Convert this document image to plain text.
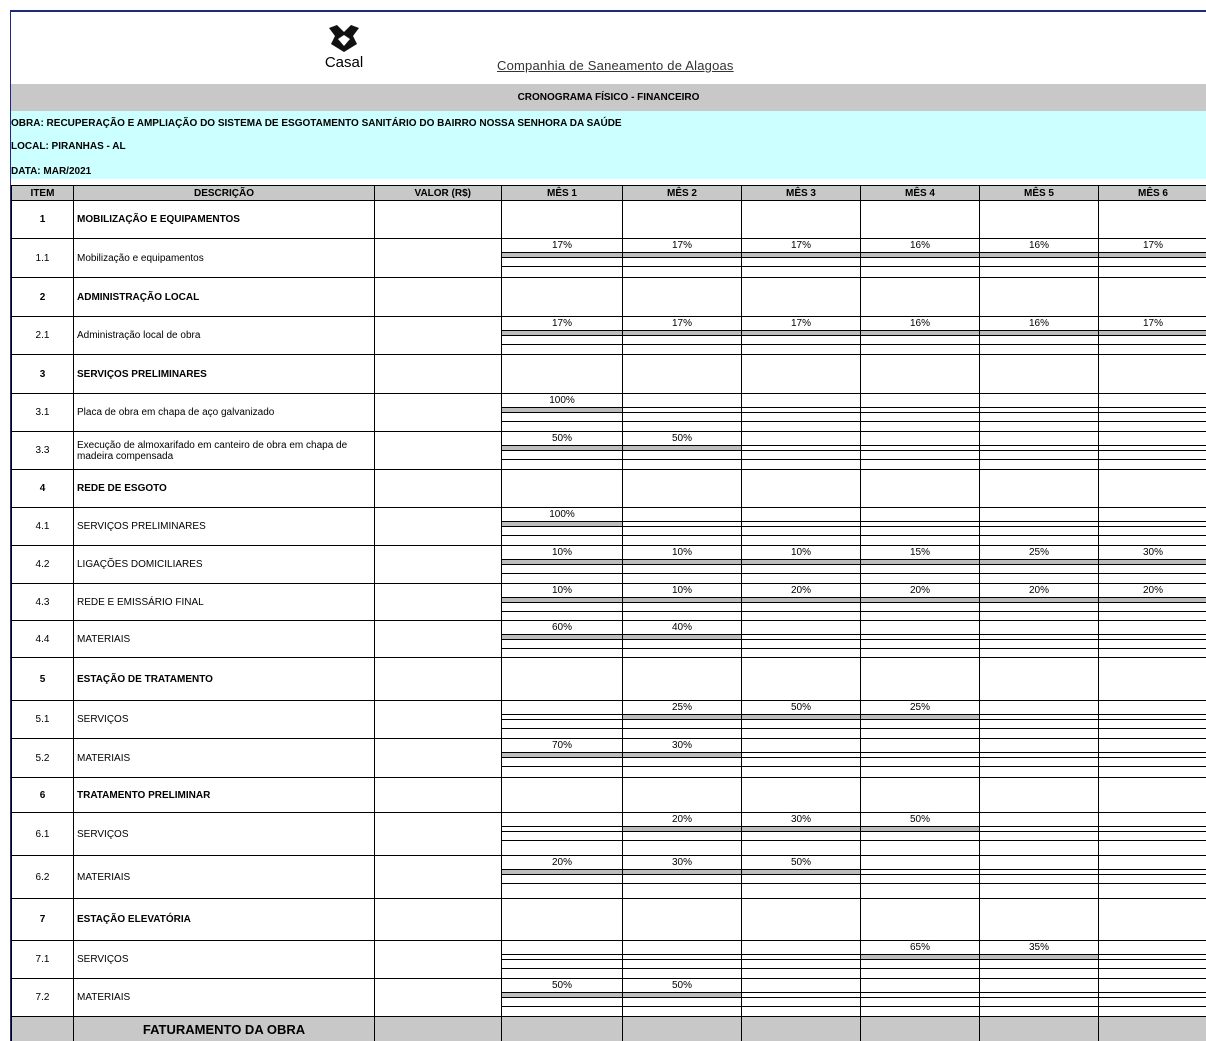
Casal	Companhia de Saneamento de Alagoas
CRONOGRAMA FÍSICO - FINANCEIRO
OBRA: RECUPERAÇÃO E AMPLIAÇÃO DO SISTEMA DE ESGOTAMENTO SANITÁRIO DO BAIRRO NOSSA SENHORA DA SAÚDE
LOCAL: PIRANHAS - AL
DATA: MAR/2021
ITEM	DESCRIÇÃO	VALOR (R$)	MÊS 1	MÊS 2	MÊS 3	MÊS 4	MÊS 5	MÊS 6
1	MOBILIZAÇÃO E EQUIPAMENTOS							
1.1	Mobilização e equipamentos		17%	17%	17%	16%	16%	17%

2	ADMINISTRAÇÃO LOCAL							
2.1	Administração local de obra		17%	17%	17%	16%	16%	17%

3	SERVIÇOS PRELIMINARES							
3.1	Placa de obra em chapa de aço galvanizado		100%					

3.3	Execução de almoxarifado em canteiro de obra em chapa de madeira compensada		50%	50%				

4	REDE DE ESGOTO							
4.1	SERVIÇOS PRELIMINARES		100%					

4.2	LIGAÇÕES DOMICILIARES		10%	10%	10%	15%	25%	30%

4.3	REDE E EMISSÁRIO FINAL		10%	10%	20%	20%	20%	20%

4.4	MATERIAIS		60%	40%				

5	ESTAÇÃO DE TRATAMENTO							
5.1	SERVIÇOS			25%	50%	25%		

5.2	MATERIAIS		70%	30%				

6	TRATAMENTO PRELIMINAR							
6.1	SERVIÇOS			20%	30%	50%		

6.2	MATERIAIS		20%	30%	50%			

7	ESTAÇÃO ELEVATÓRIA							
7.1	SERVIÇOS					65%	35%	

7.2	MATERIAIS		50%	50%				

	FATURAMENTO DA OBRA							
